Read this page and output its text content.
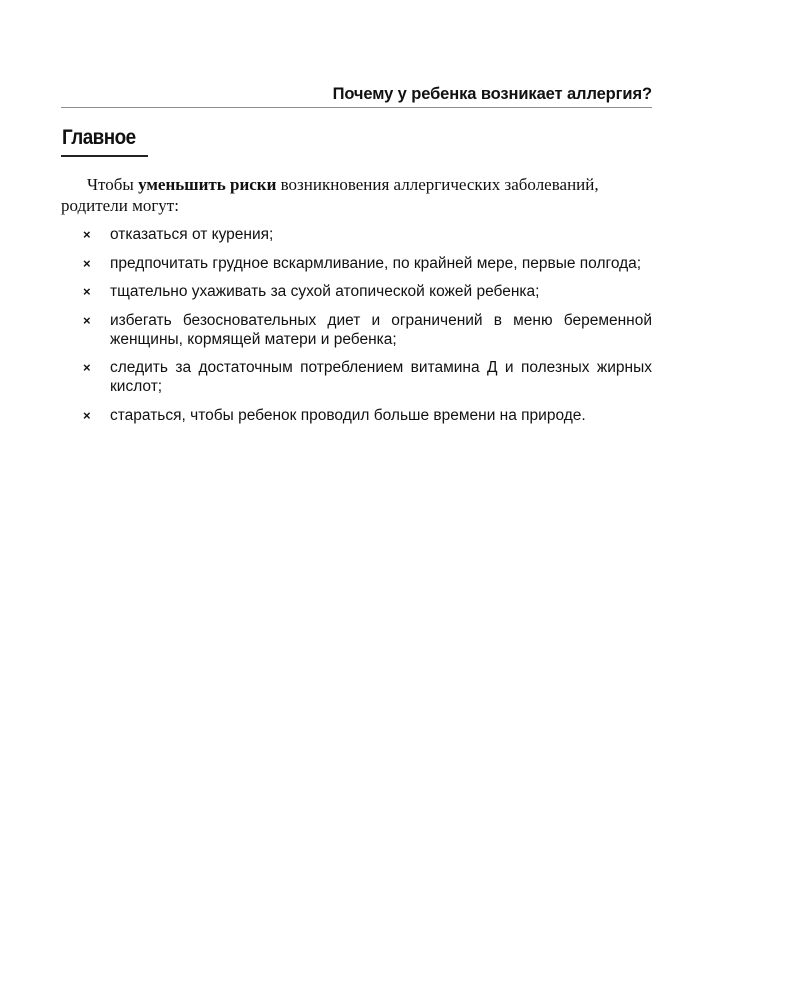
Почему у ребенка возникает аллергия?
Главное

Чтобы уменьшить риски возникновения аллергических заболеваний, родители могут:

× отказаться от курения;
× предпочитать грудное вскармливание, по крайней мере, первые полгода;
× тщательно ухаживать за сухой атопической кожей ребенка;
× избегать безосновательных диет и ограничений в меню беременной женщины, кормящей матери и ребенка;
× следить за достаточным потреблением витамина Д и полезных жирных кислот;
× стараться, чтобы ребенок проводил больше времени на природе.
